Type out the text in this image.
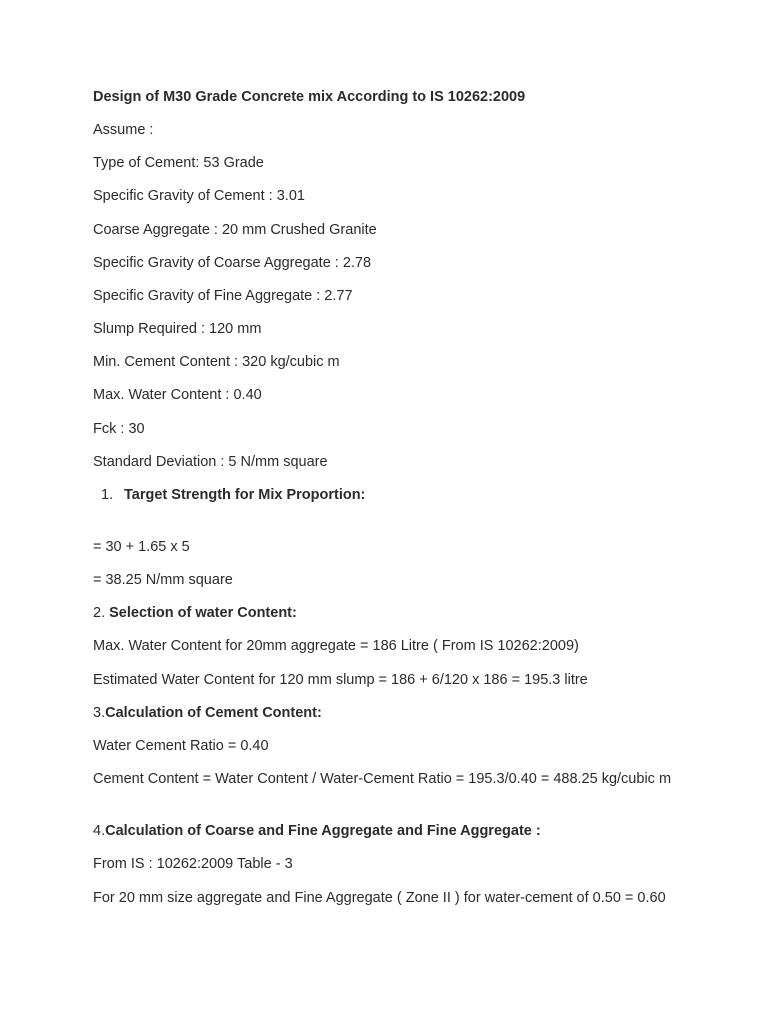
Design of M30 Grade Concrete mix According to IS 10262:2009
Assume :
Type of Cement: 53 Grade
Specific Gravity of Cement : 3.01
Coarse Aggregate : 20 mm Crushed Granite
Specific Gravity of Coarse Aggregate : 2.78
Specific Gravity of Fine Aggregate : 2.77
Slump Required : 120 mm
Min. Cement Content : 320 kg/cubic m
Max. Water Content : 0.40
Fck : 30
Standard Deviation : 5 N/mm square
1. Target Strength for Mix Proportion:
= 30 + 1.65 x 5
= 38.25 N/mm square
2. Selection of water Content:
Max. Water Content for 20mm aggregate = 186 Litre ( From IS 10262:2009)
Estimated Water Content for 120 mm slump = 186 + 6/120 x 186 = 195.3 litre
3.Calculation of Cement Content:
Water Cement Ratio = 0.40
Cement Content = Water Content / Water-Cement Ratio = 195.3/0.40 = 488.25 kg/cubic m
4.Calculation of Coarse and Fine Aggregate and Fine Aggregate :
From IS : 10262:2009 Table - 3
For 20 mm size aggregate and Fine Aggregate ( Zone II ) for water-cement of 0.50 = 0.60
